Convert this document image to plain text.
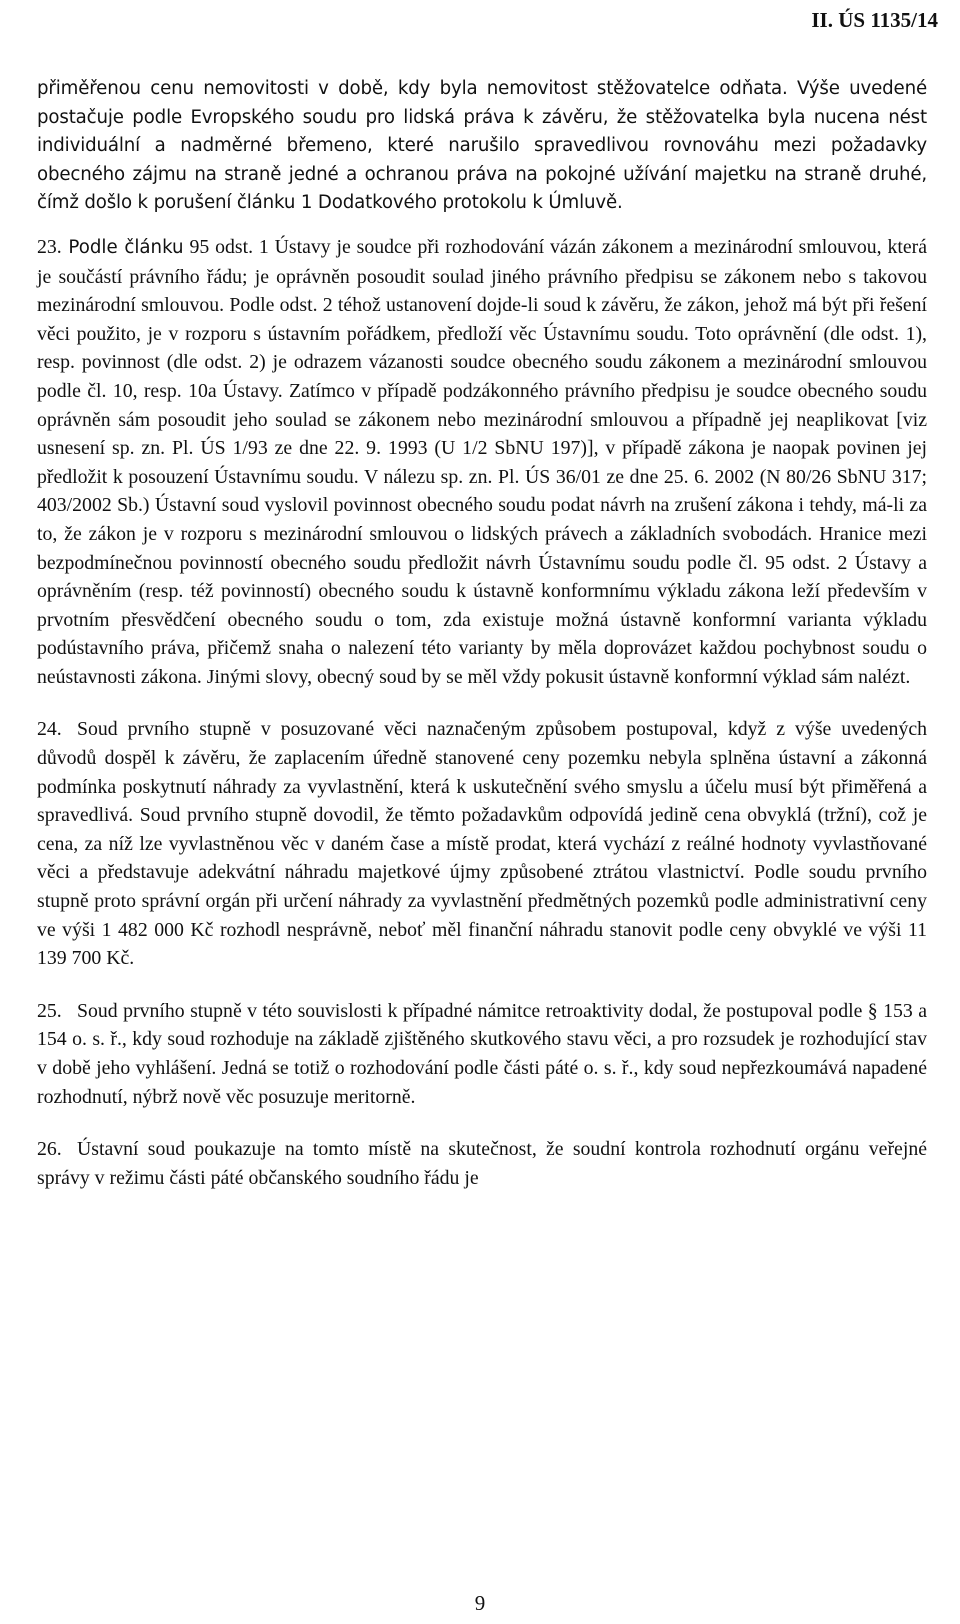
II. ÚS 1135/14

přiměřenou cenu nemovitosti v době, kdy byla nemovitost stěžovatelce odňata. Výše uvedené postačuje podle Evropského soudu pro lidská práva k závěru, že stěžovatelka byla nucena nést individuální a nadměrné břemeno, které narušilo spravedlivou rovnováhu mezi požadavky obecného zájmu na straně jedné a ochranou práva na pokojné užívání majetku na straně druhé, čímž došlo k porušení článku 1 Dodatkového protokolu k Úmluvě.

23. Podle článku 95 odst. 1 Ústavy je soudce při rozhodování vázán zákonem a mezinárodní smlouvou, která je součástí právního řádu; je oprávněn posoudit soulad jiného právního předpisu se zákonem nebo s takovou mezinárodní smlouvou. Podle odst. 2 téhož ustanovení dojde-li soud k závěru, že zákon, jehož má být při řešení věci použito, je v rozporu s ústavním pořádkem, předloží věc Ústavnímu soudu. Toto oprávnění (dle odst. 1), resp. povinnost (dle odst. 2) je odrazem vázanosti soudce obecného soudu zákonem a mezinárodní smlouvou podle čl. 10, resp. 10a Ústavy. Zatímco v případě podzákonného právního předpisu je soudce obecného soudu oprávněn sám posoudit jeho soulad se zákonem nebo mezinárodní smlouvou a případně jej neaplikovat [viz usnesení sp. zn. Pl. ÚS 1/93 ze dne 22. 9. 1993 (U 1/2 SbNU 197)], v případě zákona je naopak povinen jej předložit k posouzení Ústavnímu soudu. V nálezu sp. zn. Pl. ÚS 36/01 ze dne 25. 6. 2002 (N 80/26 SbNU 317; 403/2002 Sb.) Ústavní soud vyslovil povinnost obecného soudu podat návrh na zrušení zákona i tehdy, má-li za to, že zákon je v rozporu s mezinárodní smlouvou o lidských právech a základních svobodách. Hranice mezi bezpodmínečnou povinností obecného soudu předložit návrh Ústavnímu soudu podle čl. 95 odst. 2 Ústavy a oprávněním (resp. též povinností) obecného soudu k ústavně konformnímu výkladu zákona leží především v prvotním přesvědčení obecného soudu o tom, zda existuje možná ústavně konformní varianta výkladu podústavního práva, přičemž snaha o nalezení této varianty by měla doprovázet každou pochybnost soudu o neústavnosti zákona. Jinými slovy, obecný soud by se měl vždy pokusit ústavně konformní výklad sám nalézt.

24. Soud prvního stupně v posuzované věci naznačeným způsobem postupoval, když z výše uvedených důvodů dospěl k závěru, že zaplacením úředně stanovené ceny pozemku nebyla splněna ústavní a zákonná podmínka poskytnutí náhrady za vyvlastnění, která k uskutečnění svého smyslu a účelu musí být přiměřená a spravedlivá. Soud prvního stupně dovodil, že těmto požadavkům odpovídá jedině cena obvyklá (tržní), což je cena, za níž lze vyvlastněnou věc v daném čase a místě prodat, která vychází z reálné hodnoty vyvlastňované věci a představuje adekvátní náhradu majetkové újmy způsobené ztrátou vlastnictví. Podle soudu prvního stupně proto správní orgán při určení náhrady za vyvlastnění předmětných pozemků podle administrativní ceny ve výši 1 482 000 Kč rozhodl nesprávně, neboť měl finanční náhradu stanovit podle ceny obvyklé ve výši 11 139 700 Kč.

25. Soud prvního stupně v této souvislosti k případné námitce retroaktivity dodal, že postupoval podle § 153 a 154 o. s. ř., kdy soud rozhoduje na základě zjištěného skutkového stavu věci, a pro rozsudek je rozhodující stav v době jeho vyhlášení. Jedná se totiž o rozhodování podle části páté o. s. ř., kdy soud nepřezkoumává napadené rozhodnutí, nýbrž nově věc posuzuje meritorně.

26. Ústavní soud poukazuje na tomto místě na skutečnost, že soudní kontrola rozhodnutí orgánu veřejné správy v režimu části páté občanského soudního řádu je

9
